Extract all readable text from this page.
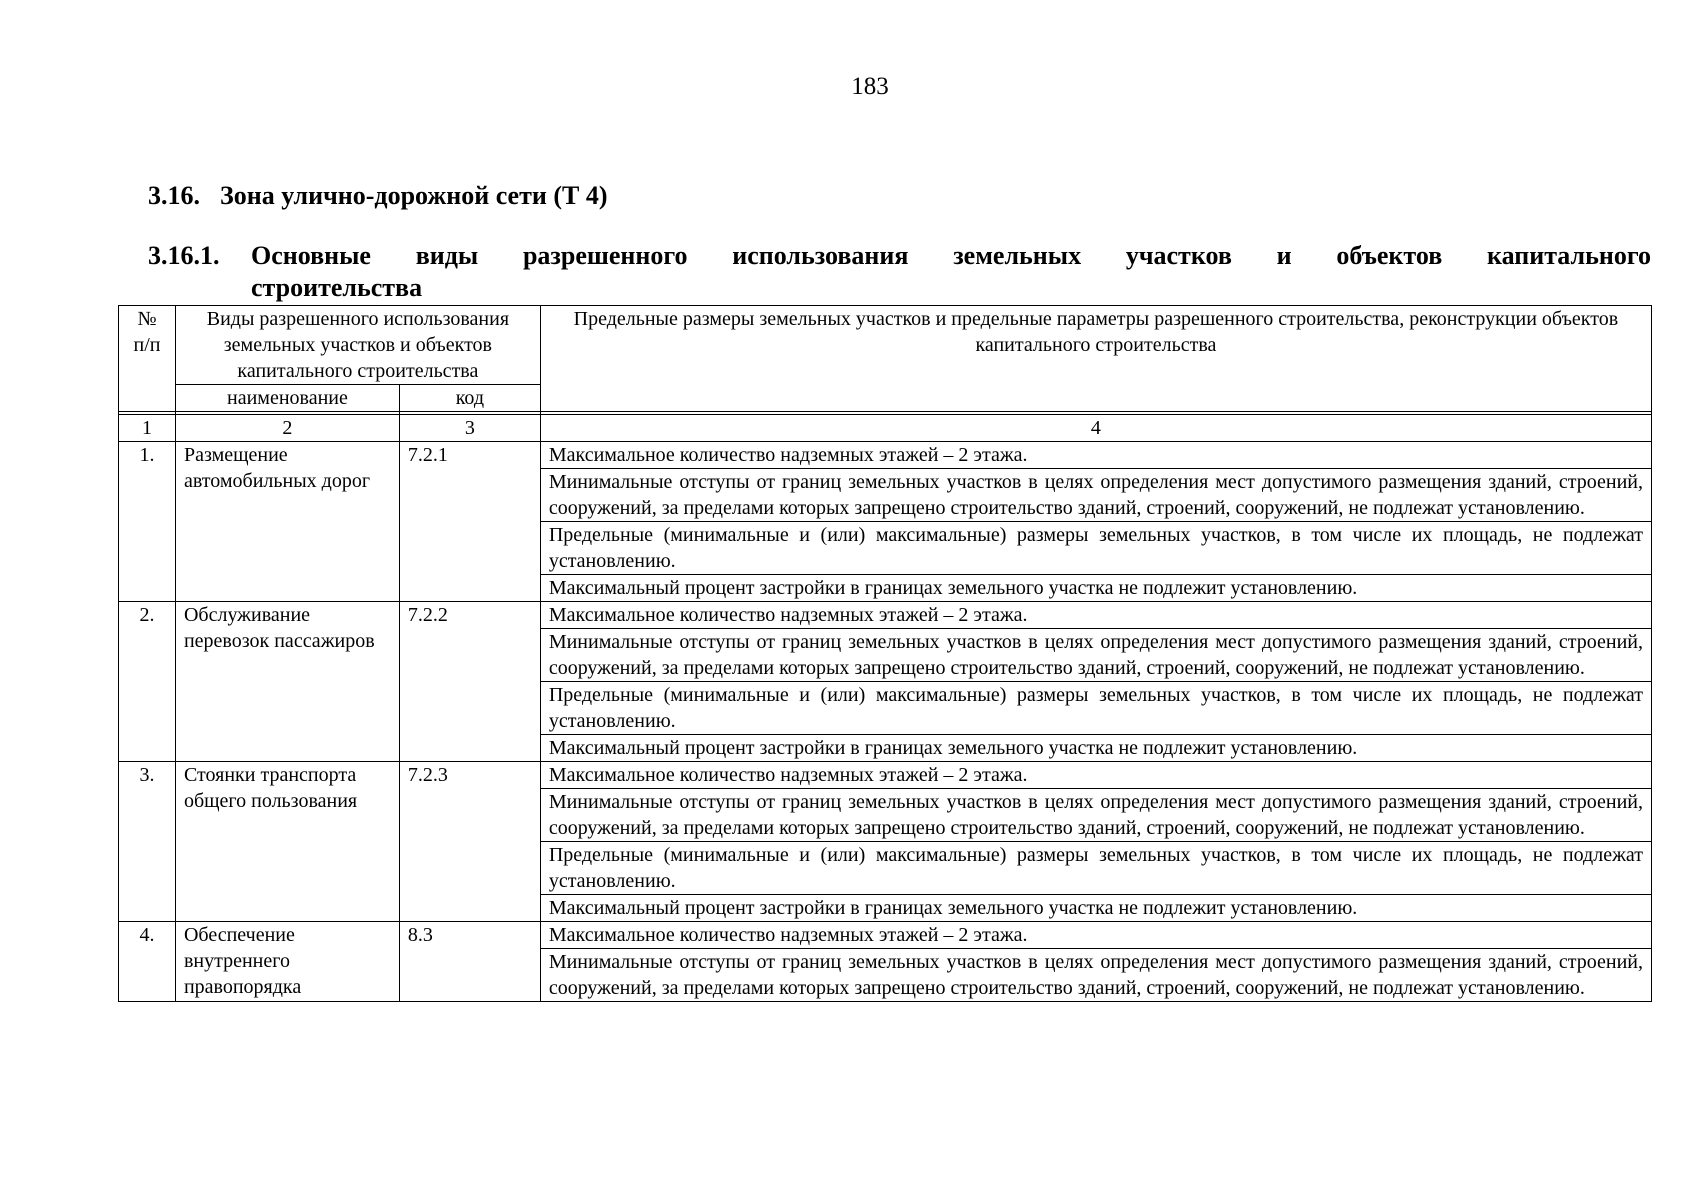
183
3.16. Зона улично-дорожной сети (Т 4)
3.16.1. Основные виды разрешенного использования земельных участков и объектов капитального
строительства
№ п/п	Виды разрешенного использования земельных участков и объектов капитального строительства		Предельные размеры земельных участков и предельные параметры разрешенного строительства, реконструкции объектов капитального строительства
	наименование	код	

1	2	3	4
1.	Размещение автомобильных дорог	7.2.1	Максимальное количество надземных этажей – 2 этажа.
			Минимальные отступы от границ земельных участков в целях определения мест допустимого размещения зданий, строений, сооружений, за пределами которых запрещено строительство зданий, строений, сооружений, не подлежат установлению.
			Предельные (минимальные и (или) максимальные) размеры земельных участков, в том числе их площадь, не подлежат установлению.
			Максимальный процент застройки в границах земельного участка не подлежит установлению.
2.	Обслуживание перевозок пассажиров	7.2.2	Максимальное количество надземных этажей – 2 этажа.
			Минимальные отступы от границ земельных участков в целях определения мест допустимого размещения зданий, строений, сооружений, за пределами которых запрещено строительство зданий, строений, сооружений, не подлежат установлению.
			Предельные (минимальные и (или) максимальные) размеры земельных участков, в том числе их площадь, не подлежат установлению.
			Максимальный процент застройки в границах земельного участка не подлежит установлению.
3.	Стоянки транспорта общего пользования	7.2.3	Максимальное количество надземных этажей – 2 этажа.
			Минимальные отступы от границ земельных участков в целях определения мест допустимого размещения зданий, строений, сооружений, за пределами которых запрещено строительство зданий, строений, сооружений, не подлежат установлению.
			Предельные (минимальные и (или) максимальные) размеры земельных участков, в том числе их площадь, не подлежат установлению.
			Максимальный процент застройки в границах земельного участка не подлежит установлению.
4.	Обеспечение внутреннего правопорядка	8.3	Максимальное количество надземных этажей – 2 этажа.
			Минимальные отступы от границ земельных участков в целях определения мест допустимого размещения зданий, строений, сооружений, за пределами которых запрещено строительство зданий, строений, сооружений, не подлежат установлению.
